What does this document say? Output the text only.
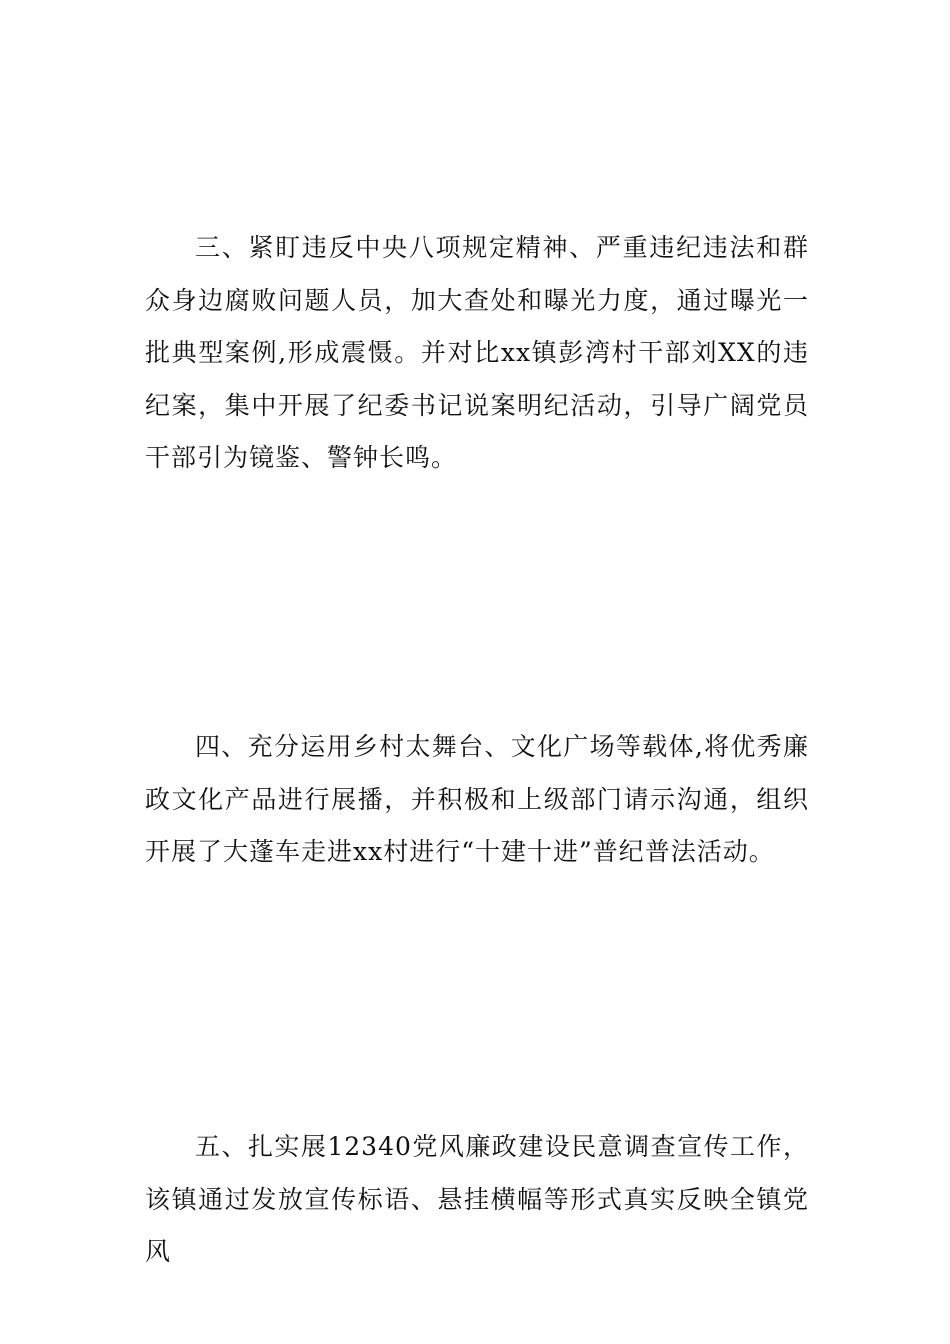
三、紧盯违反中央八项规定精神、严重违纪违法和群众身边腐败问题人员，加大查处和曝光力度，通过曝光一批典型案例,形成震慑。并对比xx镇彭湾村干部刘XX的违纪案，集中开展了纪委书记说案明纪活动，引导广阔党员干部引为镜鉴、警钟长鸣。

四、充分运用乡村太舞台、文化广场等载体,将优秀廉政文化产品进行展播，并积极和上级部门请示沟通，组织开展了大蓬车走进xx村进行“十建十进”普纪普法活动。

五、扎实展12340党风廉政建设民意调查宣传工作，该镇通过发放宣传标语、悬挂横幅等形式真实反映全镇党风
